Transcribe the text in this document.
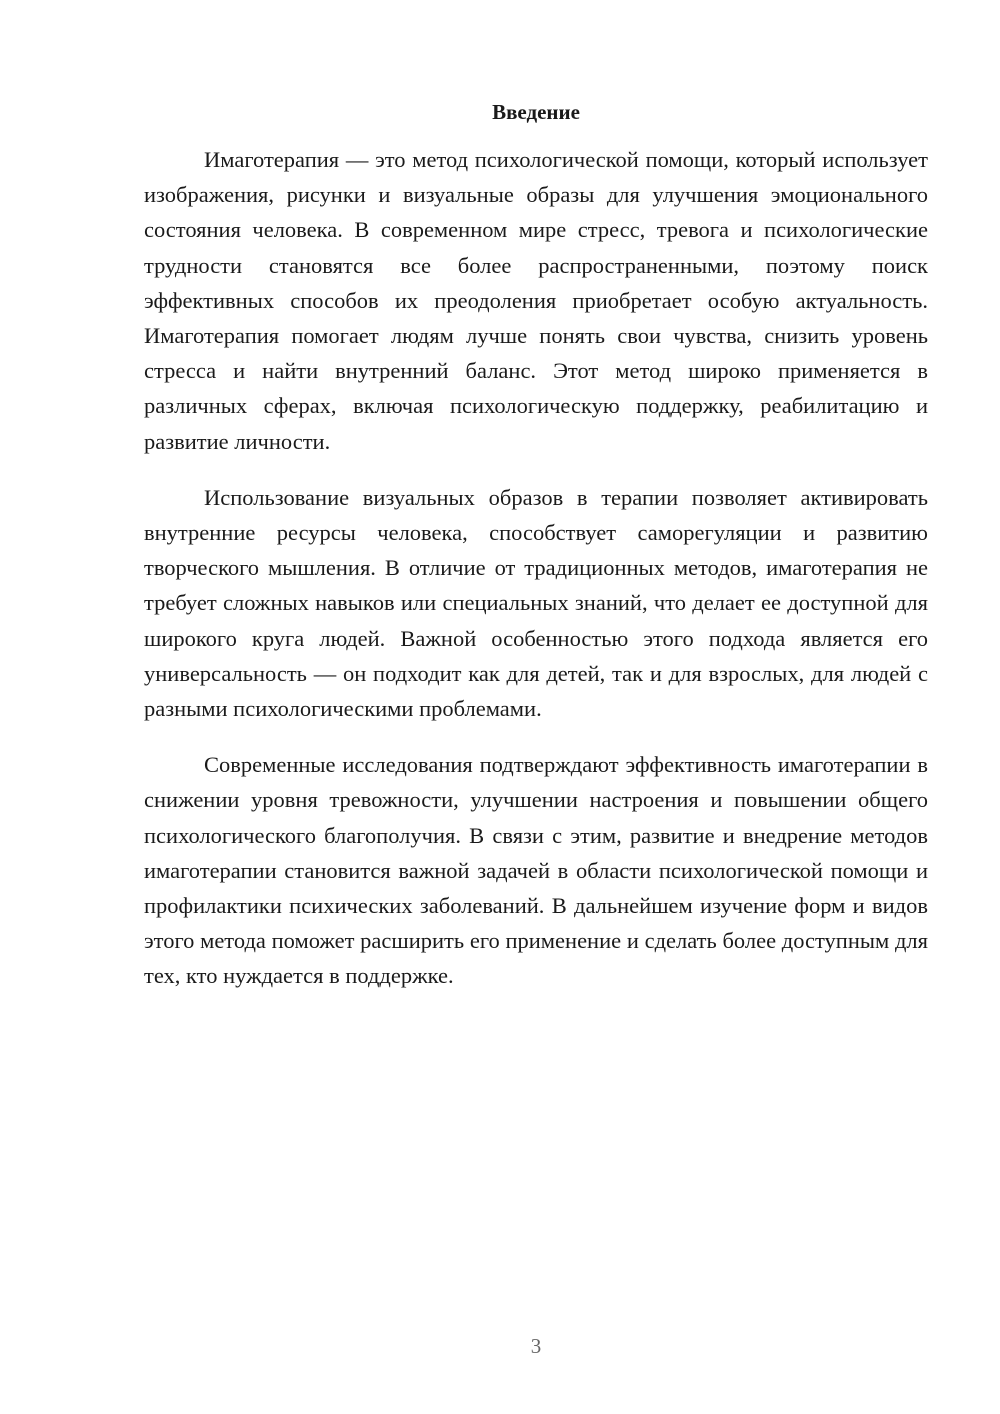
Введение

Имаготерапия — это метод психологической помощи, который использует изображения, рисунки и визуальные образы для улучшения эмоционального состояния человека. В современном мире стресс, тревога и психологические трудности становятся все более распространенными, поэтому поиск эффективных способов их преодоления приобретает особую актуальность. Имаготерапия помогает людям лучше понять свои чувства, снизить уровень стресса и найти внутренний баланс. Этот метод широко применяется в различных сферах, включая психологическую поддержку, реабилитацию и развитие личности.

Использование визуальных образов в терапии позволяет активировать внутренние ресурсы человека, способствует саморегуляции и развитию творческого мышления. В отличие от традиционных методов, имаготерапия не требует сложных навыков или специальных знаний, что делает ее доступной для широкого круга людей. Важной особенностью этого подхода является его универсальность — он подходит как для детей, так и для взрослых, для людей с разными психологическими проблемами.

Современные исследования подтверждают эффективность имаготерапии в снижении уровня тревожности, улучшении настроения и повышении общего психологического благополучия. В связи с этим, развитие и внедрение методов имаготерапии становится важной задачей в области психологической помощи и профилактики психических заболеваний. В дальнейшем изучение форм и видов этого метода поможет расширить его применение и сделать более доступным для тех, кто нуждается в поддержке.

3
